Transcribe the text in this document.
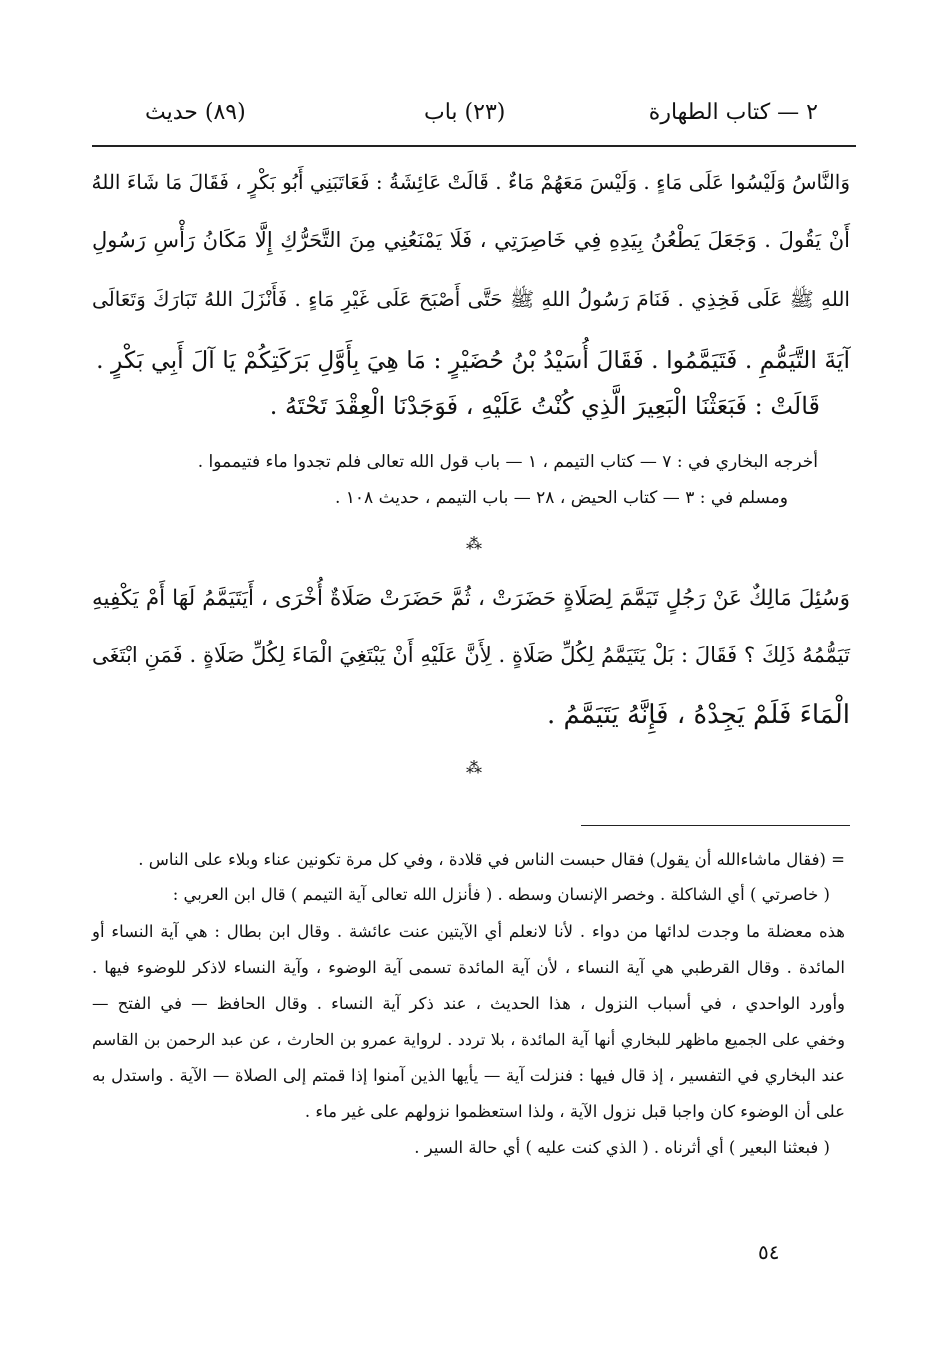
٢ — كتاب الطهارة
(٢٣) باب
(٨٩) حديث
وَالنَّاسُ وَلَيْسُوا عَلَى مَاءٍ . وَلَيْسَ مَعَهُمْ مَاءٌ . قَالَتْ عَائِشَةُ : فَعَاتَبَنِي أَبُو بَكْرٍ ، فَقَالَ مَا شَاءَ اللهُ
أَنْ يَقُولَ . وَجَعَلَ يَطْعُنُ بِيَدِهِ فِي خَاصِرَتِي ، فَلَا يَمْنَعُنِي مِنَ التَّحَرُّكِ إِلَّا مَكَانُ رَأْسِ رَسُولِ
اللهِ ﷺ عَلَى فَخِذِي . فَنَامَ رَسُولُ اللهِ ﷺ حَتَّى أَصْبَحَ عَلَى غَيْرِ مَاءٍ . فَأَنْزَلَ اللهُ تَبَارَكَ وَتَعَالَى
آيَةَ التَّيَمُّمِ . فَتَيَمَّمُوا . فَقَالَ أُسَيْدُ بْنُ حُضَيْرٍ : مَا هِيَ بِأَوَّلِ بَرَكَتِكُمْ يَا آلَ أَبِي بَكْرٍ .
قَالَتْ : فَبَعَثْنَا الْبَعِيرَ الَّذِي كُنْتُ عَلَيْهِ ، فَوَجَدْنَا الْعِقْدَ تَحْتَهُ .
أخرجه البخاري في : ٧ — كتاب التيمم ، ١ — باب قول الله تعالى فلم تجدوا ماء فتيمموا .
ومسلم في : ٣ — كتاب الحيض ، ٢٨ — باب التيمم ، حديث ١٠٨ .
⁂
وَسُئِلَ مَالِكٌ عَنْ رَجُلٍ تَيَمَّمَ لِصَلَاةٍ حَضَرَتْ ، ثُمَّ حَضَرَتْ صَلَاةٌ أُخْرَى ، أَيَتَيَمَّمُ لَهَا أَمْ يَكْفِيهِ
تَيَمُّمُهُ ذَلِكَ ؟ فَقَالَ : بَلْ يَتَيَمَّمُ لِكُلِّ صَلَاةٍ . لِأَنَّ عَلَيْهِ أَنْ يَبْتَغِيَ الْمَاءَ لِكُلِّ صَلَاةٍ . فَمَنِ ابْتَغَى
الْمَاءَ فَلَمْ يَجِدْهُ ، فَإِنَّهُ يَتَيَمَّمُ .
⁂
= (فقال ماشاءالله أن يقول) فقال حبست الناس في قلادة ، وفي كل مرة تكونين عناء وبلاء على الناس .
( خاصرتي ) أي الشاكلة . وخصر الإنسان وسطه . ( فأنزل الله تعالى آية التيمم ) قال ابن العربي :
هذه معضلة ما وجدت لدائها من دواء . لأنا لانعلم أي الآيتين عنت عائشة . وقال ابن بطال : هي آية النساء أو
المائدة . وقال القرطبي هي آية النساء ، لأن آية المائدة تسمى آية الوضوء ، وآية النساء لاذكر للوضوء فيها .
وأورد الواحدي ، في أسباب النزول ، هذا الحديث ، عند ذكر آية النساء . وقال الحافظ — في الفتح —
وخفي على الجميع ماظهر للبخاري أنها آية المائدة ، بلا تردد . لرواية عمرو بن الحارث ، عن عبد الرحمن بن القاسم
عند البخاري في التفسير ، إذ قال فيها : فنزلت آية — يأيها الذين آمنوا إذا قمتم إلى الصلاة — الآية . واستدل به
على أن الوضوء كان واجبا قبل نزول الآية ، ولذا استعظموا نزولهم على غير ماء .
( فبعثنا البعير ) أي أثرناه . ( الذي كنت عليه ) أي حالة السير .
٥٤
